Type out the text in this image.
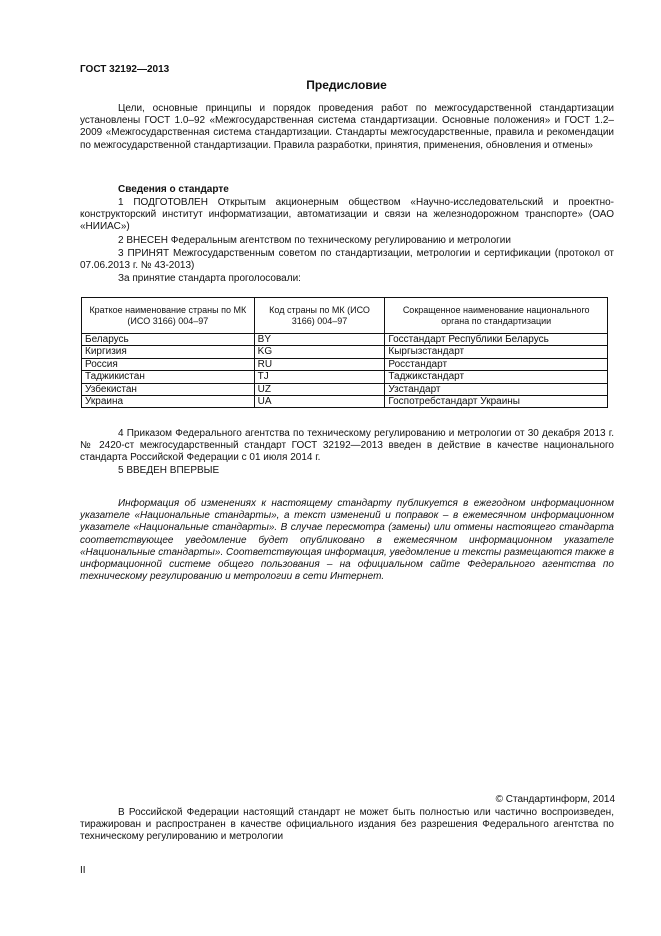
ГОСТ 32192—2013
Предисловие
Цели, основные принципы и порядок проведения работ по межгосударственной стандартизации установлены ГОСТ 1.0–92 «Межгосударственная система стандартизации. Основные положения» и ГОСТ 1.2–2009 «Межгосударственная система стандартизации. Стандарты межгосударственные, правила и рекомендации по межгосударственной стандартизации. Правила разработки, принятия, применения, обновления и отмены»
Сведения о стандарте
1 ПОДГОТОВЛЕН Открытым акционерным обществом «Научно-исследовательский и проектно-конструкторский институт информатизации, автоматизации и связи на железнодорожном транспорте» (ОАО «НИИАС»)
2 ВНЕСЕН Федеральным агентством по техническому регулированию и метрологии
3 ПРИНЯТ Межгосударственным советом по стандартизации, метрологии и сертификации (протокол от 07.06.2013 г. № 43-2013)
За принятие стандарта проголосовали:
Краткое наименование страны по МК (ИСО 3166) 004–97	Код страны по МК (ИСО 3166) 004–97	Сокращенное наименование национального органа по стандартизации
Беларусь	BY	Госстандарт Республики Беларусь
Киргизия	KG	Кыргызстандарт
Россия	RU	Росстандарт
Таджикистан	TJ	Таджикстандарт
Узбекистан	UZ	Узстандарт
Украина	UA	Госпотребстандарт Украины
4 Приказом Федерального агентства по техническому регулированию и метрологии от 30 декабря 2013 г. № 2420-ст межгосударственный стандарт ГОСТ 32192—2013 введен в действие в качестве национального стандарта Российской Федерации с 01 июля 2014 г.
5 ВВЕДЕН ВПЕРВЫЕ
Информация об изменениях к настоящему стандарту публикуется в ежегодном информационном указателе «Национальные стандарты», а текст изменений и поправок – в ежемесячном информационном указателе «Национальные стандарты». В случае пересмотра (замены) или отмены настоящего стандарта соответствующее уведомление будет опубликовано в ежемесячном информационном указателе «Национальные стандарты». Соответствующая информация, уведомление и тексты размещаются также в информационной системе общего пользования – на официальном сайте Федерального агентства по техническому регулированию и метрологии в сети Интернет.
© Стандартинформ, 2014
В Российской Федерации настоящий стандарт не может быть полностью или частично воспроизведен, тиражирован и распространен в качестве официального издания без разрешения Федерального агентства по техническому регулированию и метрологии
II
